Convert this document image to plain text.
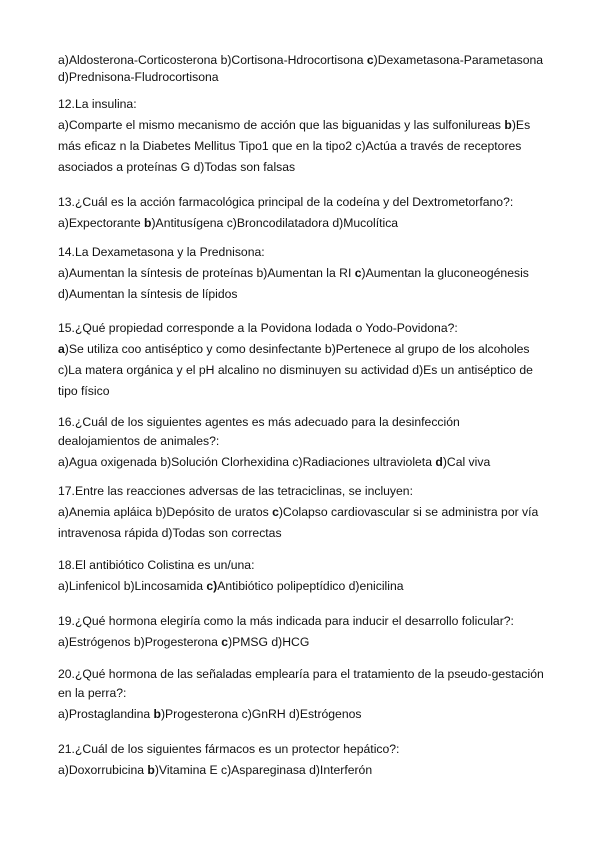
a)Aldosterona-Corticosterona b)Cortisona-Hdrocortisona c)Dexametasona-Parametasona
d)Prednisona-Fludrocortisona
12.La insulina:
a)Comparte el mismo mecanismo de acción que las biguanidas y las sulfonilureas b)Es
más eficaz n la Diabetes Mellitus Tipo1 que en la tipo2 c)Actúa a través de receptores
asociados a proteínas G d)Todas son falsas
13.¿Cuál es la acción farmacológica principal de la codeína y del Dextrometorfano?:
a)Expectorante b)Antitusígena c)Broncodilatadora d)Mucolítica
14.La Dexametasona y la Prednisona:
a)Aumentan la síntesis de proteínas b)Aumentan la RI c)Aumentan la gluconeogénesis
d)Aumentan la síntesis de lípidos
15.¿Qué propiedad corresponde a la Povidona Iodada o Yodo-Povidona?:
a)Se utiliza coo antiséptico y como desinfectante b)Pertenece al grupo de los alcoholes
c)La matera orgánica y el pH alcalino no disminuyen su actividad d)Es un antiséptico de
tipo físico
16.¿Cuál de los siguientes agentes es más adecuado para la desinfección
dealojamientos de animales?:
a)Agua oxigenada b)Solución Clorhexidina c)Radiaciones ultravioleta d)Cal viva
17.Entre las reacciones adversas de las tetraciclinas, se incluyen:
a)Anemia apláica b)Depósito de uratos c)Colapso cardiovascular si se administra por vía
intravenosa rápida d)Todas son correctas
18.El antibiótico Colistina es un/una:
a)Linfenicol b)Lincosamida c)Antibiótico polipeptídico d)enicilina
19.¿Qué hormona elegiría como la más indicada para inducir el desarrollo folicular?:
a)Estrógenos b)Progesterona c)PMSG d)HCG
20.¿Qué hormona de las señaladas emplearía para el tratamiento de la pseudo-gestación
en la perra?:
a)Prostaglandina b)Progesterona c)GnRH d)Estrógenos
21.¿Cuál de los siguientes fármacos es un protector hepático?:
a)Doxorrubicina b)Vitamina E c)Aspareginasa d)Interferón
